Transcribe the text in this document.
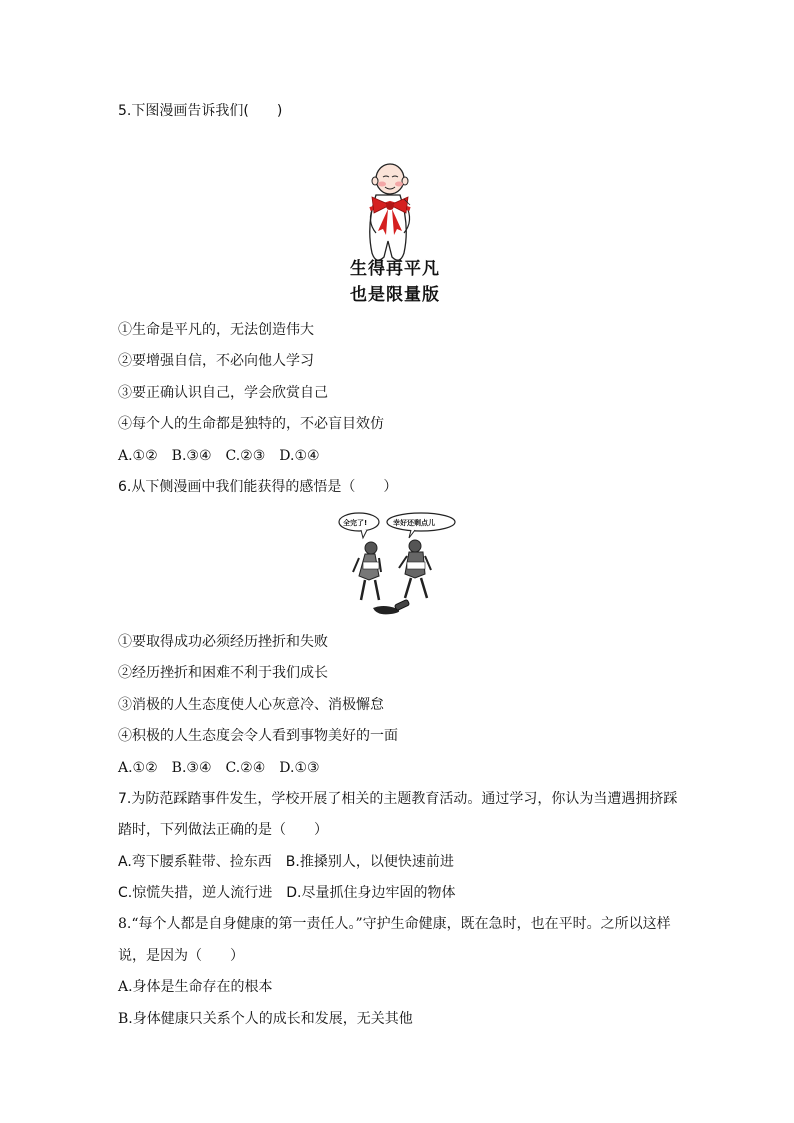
5.下图漫画告诉我们(　　)
生得再平凡
也是限量版
①生命是平凡的，无法创造伟大
②要增强自信，不必向他人学习
③要正确认识自己，学会欣赏自己
④每个人的生命都是独特的，不必盲目效仿
A.①②　B.③④　C.②③　D.①④
6.从下侧漫画中我们能获得的感悟是（　　）
全完了!	幸好还剩点儿
①要取得成功必须经历挫折和失败
②经历挫折和困难不利于我们成长
③消极的人生态度使人心灰意冷、消极懈怠
④积极的人生态度会令人看到事物美好的一面
A.①②　B.③④　C.②④　D.①③
7.为防范踩踏事件发生，学校开展了相关的主题教育活动。通过学习，你认为当遭遇拥挤踩
踏时，下列做法正确的是（　　）
A.弯下腰系鞋带、捡东西　B.推搡别人，以便快速前进
C.惊慌失措，逆人流行进　D.尽量抓住身边牢固的物体
8.“每个人都是自身健康的第一责任人。”守护生命健康，既在急时，也在平时。之所以这样
说，是因为（　　）
A.身体是生命存在的根本
B.身体健康只关系个人的成长和发展，无关其他
